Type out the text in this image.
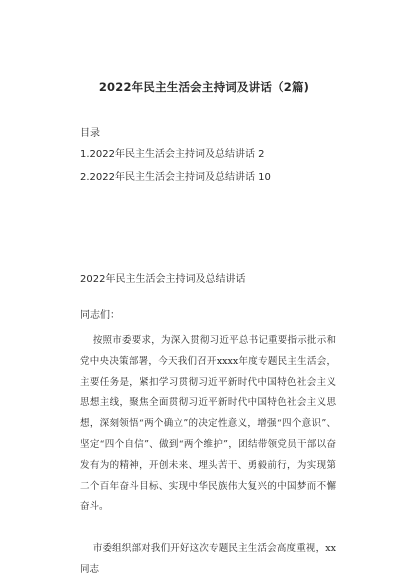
2022年民主生活会主持词及讲话（2篇)
目录
1.2022年民主生活会主持词及总结讲话 2
2.2022年民主生活会主持词及总结讲话 10
2022年民主生活会主持词及总结讲话
同志们：
按照市委要求，为深入贯彻习近平总书记重要指示批示和党中央决策部署，今天我们召开xxxx年度专题民主生活会，主要任务是，紧扣学习贯彻习近平新时代中国特色社会主义思想主线，聚焦全面贯彻习近平新时代中国特色社会主义思想，深刻领悟“两个确立”的决定性意义，增强“四个意识”、坚定“四个自信”、做到“两个维护”，团结带领党员干部以奋发有为的精神，开创未来、埋头苦干、勇毅前行，为实现第二个百年奋斗目标、实现中华民族伟大复兴的中国梦而不懈奋斗。
市委组织部对我们开好这次专题民主生活会高度重视，xx同志
